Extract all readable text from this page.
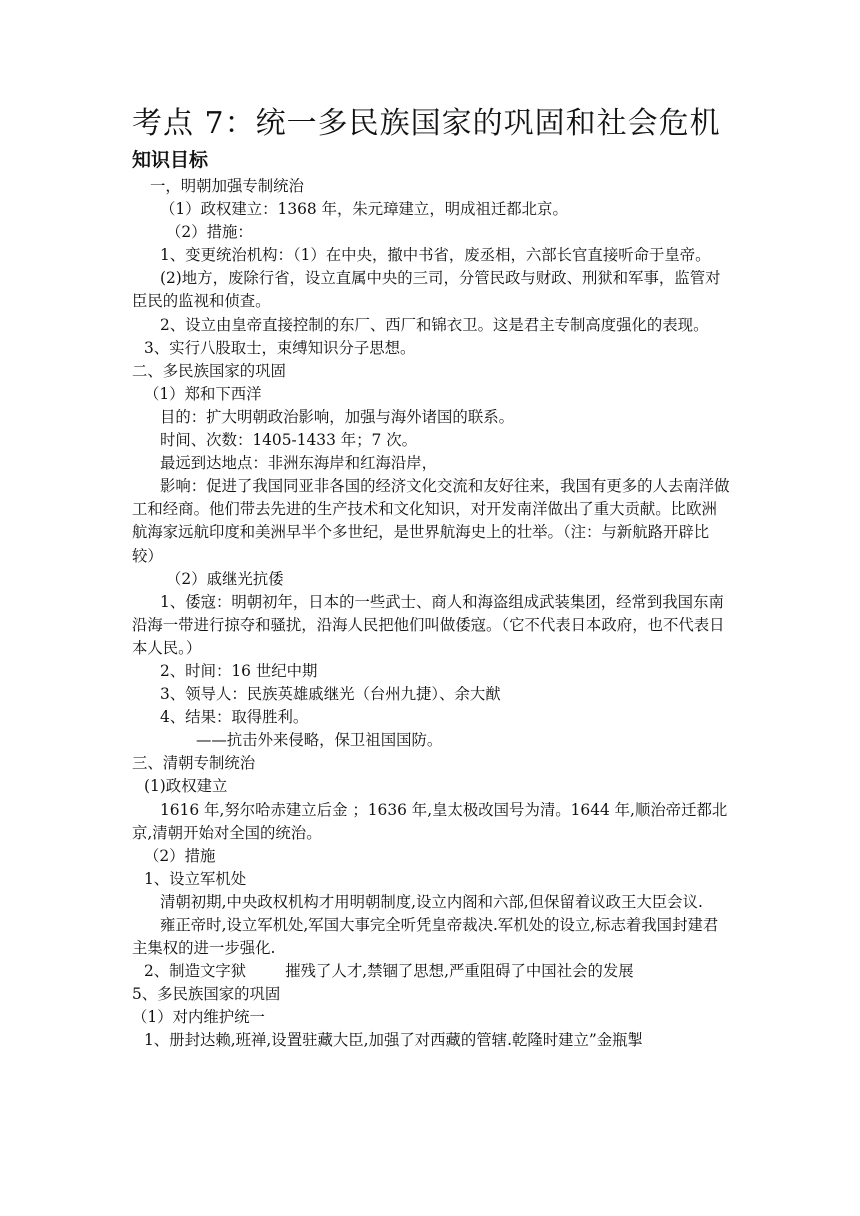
考点 7：统一多民族国家的巩固和社会危机
知识目标

一，明朝加强专制统治

（1）政权建立：1368 年，朱元璋建立，明成祖迁都北京。

（2）措施：

1、变更统治机构：（1）在中央，撤中书省，废丞相，六部长官直接听命于皇帝。

(2)地方，废除行省，设立直属中央的三司，分管民政与财政、刑狱和军事，监管对臣民的监视和侦查。

2、设立由皇帝直接控制的东厂、西厂和锦衣卫。这是君主专制高度强化的表现。

3、实行八股取士，束缚知识分子思想。

二、多民族国家的巩固

（1）郑和下西洋

目的：扩大明朝政治影响，加强与海外诸国的联系。

时间、次数：1405-1433 年；7 次。

最远到达地点：非洲东海岸和红海沿岸，

影响：促进了我国同亚非各国的经济文化交流和友好往来，我国有更多的人去南洋做工和经商。他们带去先进的生产技术和文化知识，对开发南洋做出了重大贡献。比欧洲航海家远航印度和美洲早半个多世纪，是世界航海史上的壮举。（注：与新航路开辟比较）

（2）戚继光抗倭

1、倭寇：明朝初年，日本的一些武士、商人和海盗组成武装集团，经常到我国东南沿海一带进行掠夺和骚扰，沿海人民把他们叫做倭寇。（它不代表日本政府，也不代表日本人民。）

2、时间：16 世纪中期

3、领导人：民族英雄戚继光（台州九捷）、余大猷

4、结果：取得胜利。

——抗击外来侵略，保卫祖国国防。

三、清朝专制统治

(1)政权建立

1616 年,努尔哈赤建立后金 ；1636 年,皇太极改国号为清。1644 年,顺治帝迁都北京,清朝开始对全国的统治。

（2）措施

1、设立军机处

清朝初期,中央政权机构才用明朝制度,设立内阁和六部,但保留着议政王大臣会议.

雍正帝时,设立军机处,军国大事完全听凭皇帝裁决.军机处的设立,标志着我国封建君主集权的进一步强化.

2、制造文字狱        摧残了人才,禁锢了思想,严重阻碍了中国社会的发展

5、多民族国家的巩固

（1）对内维护统一

1、册封达赖,班禅,设置驻藏大臣,加强了对西藏的管辖.乾隆时建立”金瓶掣
